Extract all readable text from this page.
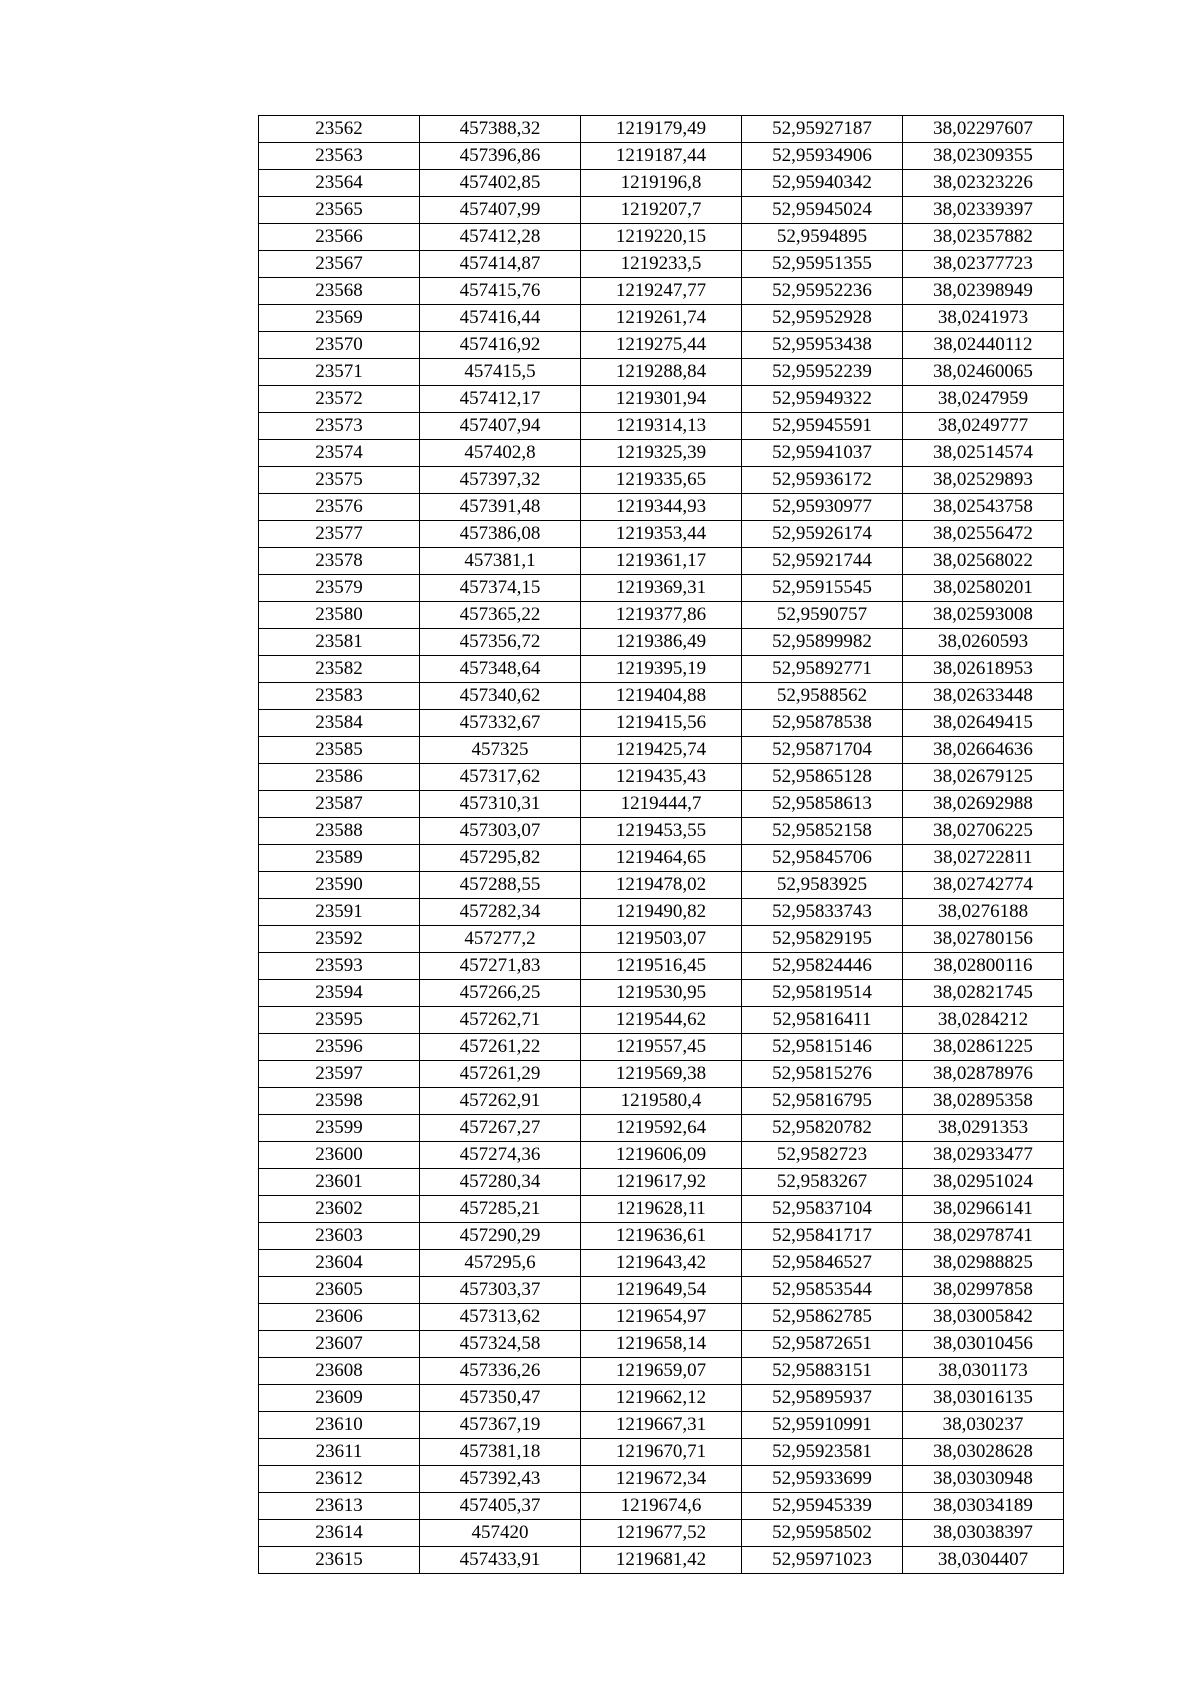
23562	457388,32	1219179,49	52,95927187	38,02297607
23563	457396,86	1219187,44	52,95934906	38,02309355
23564	457402,85	1219196,8	52,95940342	38,02323226
23565	457407,99	1219207,7	52,95945024	38,02339397
23566	457412,28	1219220,15	52,9594895	38,02357882
23567	457414,87	1219233,5	52,95951355	38,02377723
23568	457415,76	1219247,77	52,95952236	38,02398949
23569	457416,44	1219261,74	52,95952928	38,0241973
23570	457416,92	1219275,44	52,95953438	38,02440112
23571	457415,5	1219288,84	52,95952239	38,02460065
23572	457412,17	1219301,94	52,95949322	38,0247959
23573	457407,94	1219314,13	52,95945591	38,0249777
23574	457402,8	1219325,39	52,95941037	38,02514574
23575	457397,32	1219335,65	52,95936172	38,02529893
23576	457391,48	1219344,93	52,95930977	38,02543758
23577	457386,08	1219353,44	52,95926174	38,02556472
23578	457381,1	1219361,17	52,95921744	38,02568022
23579	457374,15	1219369,31	52,95915545	38,02580201
23580	457365,22	1219377,86	52,9590757	38,02593008
23581	457356,72	1219386,49	52,95899982	38,0260593
23582	457348,64	1219395,19	52,95892771	38,02618953
23583	457340,62	1219404,88	52,9588562	38,02633448
23584	457332,67	1219415,56	52,95878538	38,02649415
23585	457325	1219425,74	52,95871704	38,02664636
23586	457317,62	1219435,43	52,95865128	38,02679125
23587	457310,31	1219444,7	52,95858613	38,02692988
23588	457303,07	1219453,55	52,95852158	38,02706225
23589	457295,82	1219464,65	52,95845706	38,02722811
23590	457288,55	1219478,02	52,9583925	38,02742774
23591	457282,34	1219490,82	52,95833743	38,0276188
23592	457277,2	1219503,07	52,95829195	38,02780156
23593	457271,83	1219516,45	52,95824446	38,02800116
23594	457266,25	1219530,95	52,95819514	38,02821745
23595	457262,71	1219544,62	52,95816411	38,0284212
23596	457261,22	1219557,45	52,95815146	38,02861225
23597	457261,29	1219569,38	52,95815276	38,02878976
23598	457262,91	1219580,4	52,95816795	38,02895358
23599	457267,27	1219592,64	52,95820782	38,0291353
23600	457274,36	1219606,09	52,9582723	38,02933477
23601	457280,34	1219617,92	52,9583267	38,02951024
23602	457285,21	1219628,11	52,95837104	38,02966141
23603	457290,29	1219636,61	52,95841717	38,02978741
23604	457295,6	1219643,42	52,95846527	38,02988825
23605	457303,37	1219649,54	52,95853544	38,02997858
23606	457313,62	1219654,97	52,95862785	38,03005842
23607	457324,58	1219658,14	52,95872651	38,03010456
23608	457336,26	1219659,07	52,95883151	38,0301173
23609	457350,47	1219662,12	52,95895937	38,03016135
23610	457367,19	1219667,31	52,95910991	38,030237
23611	457381,18	1219670,71	52,95923581	38,03028628
23612	457392,43	1219672,34	52,95933699	38,03030948
23613	457405,37	1219674,6	52,95945339	38,03034189
23614	457420	1219677,52	52,95958502	38,03038397
23615	457433,91	1219681,42	52,95971023	38,0304407
